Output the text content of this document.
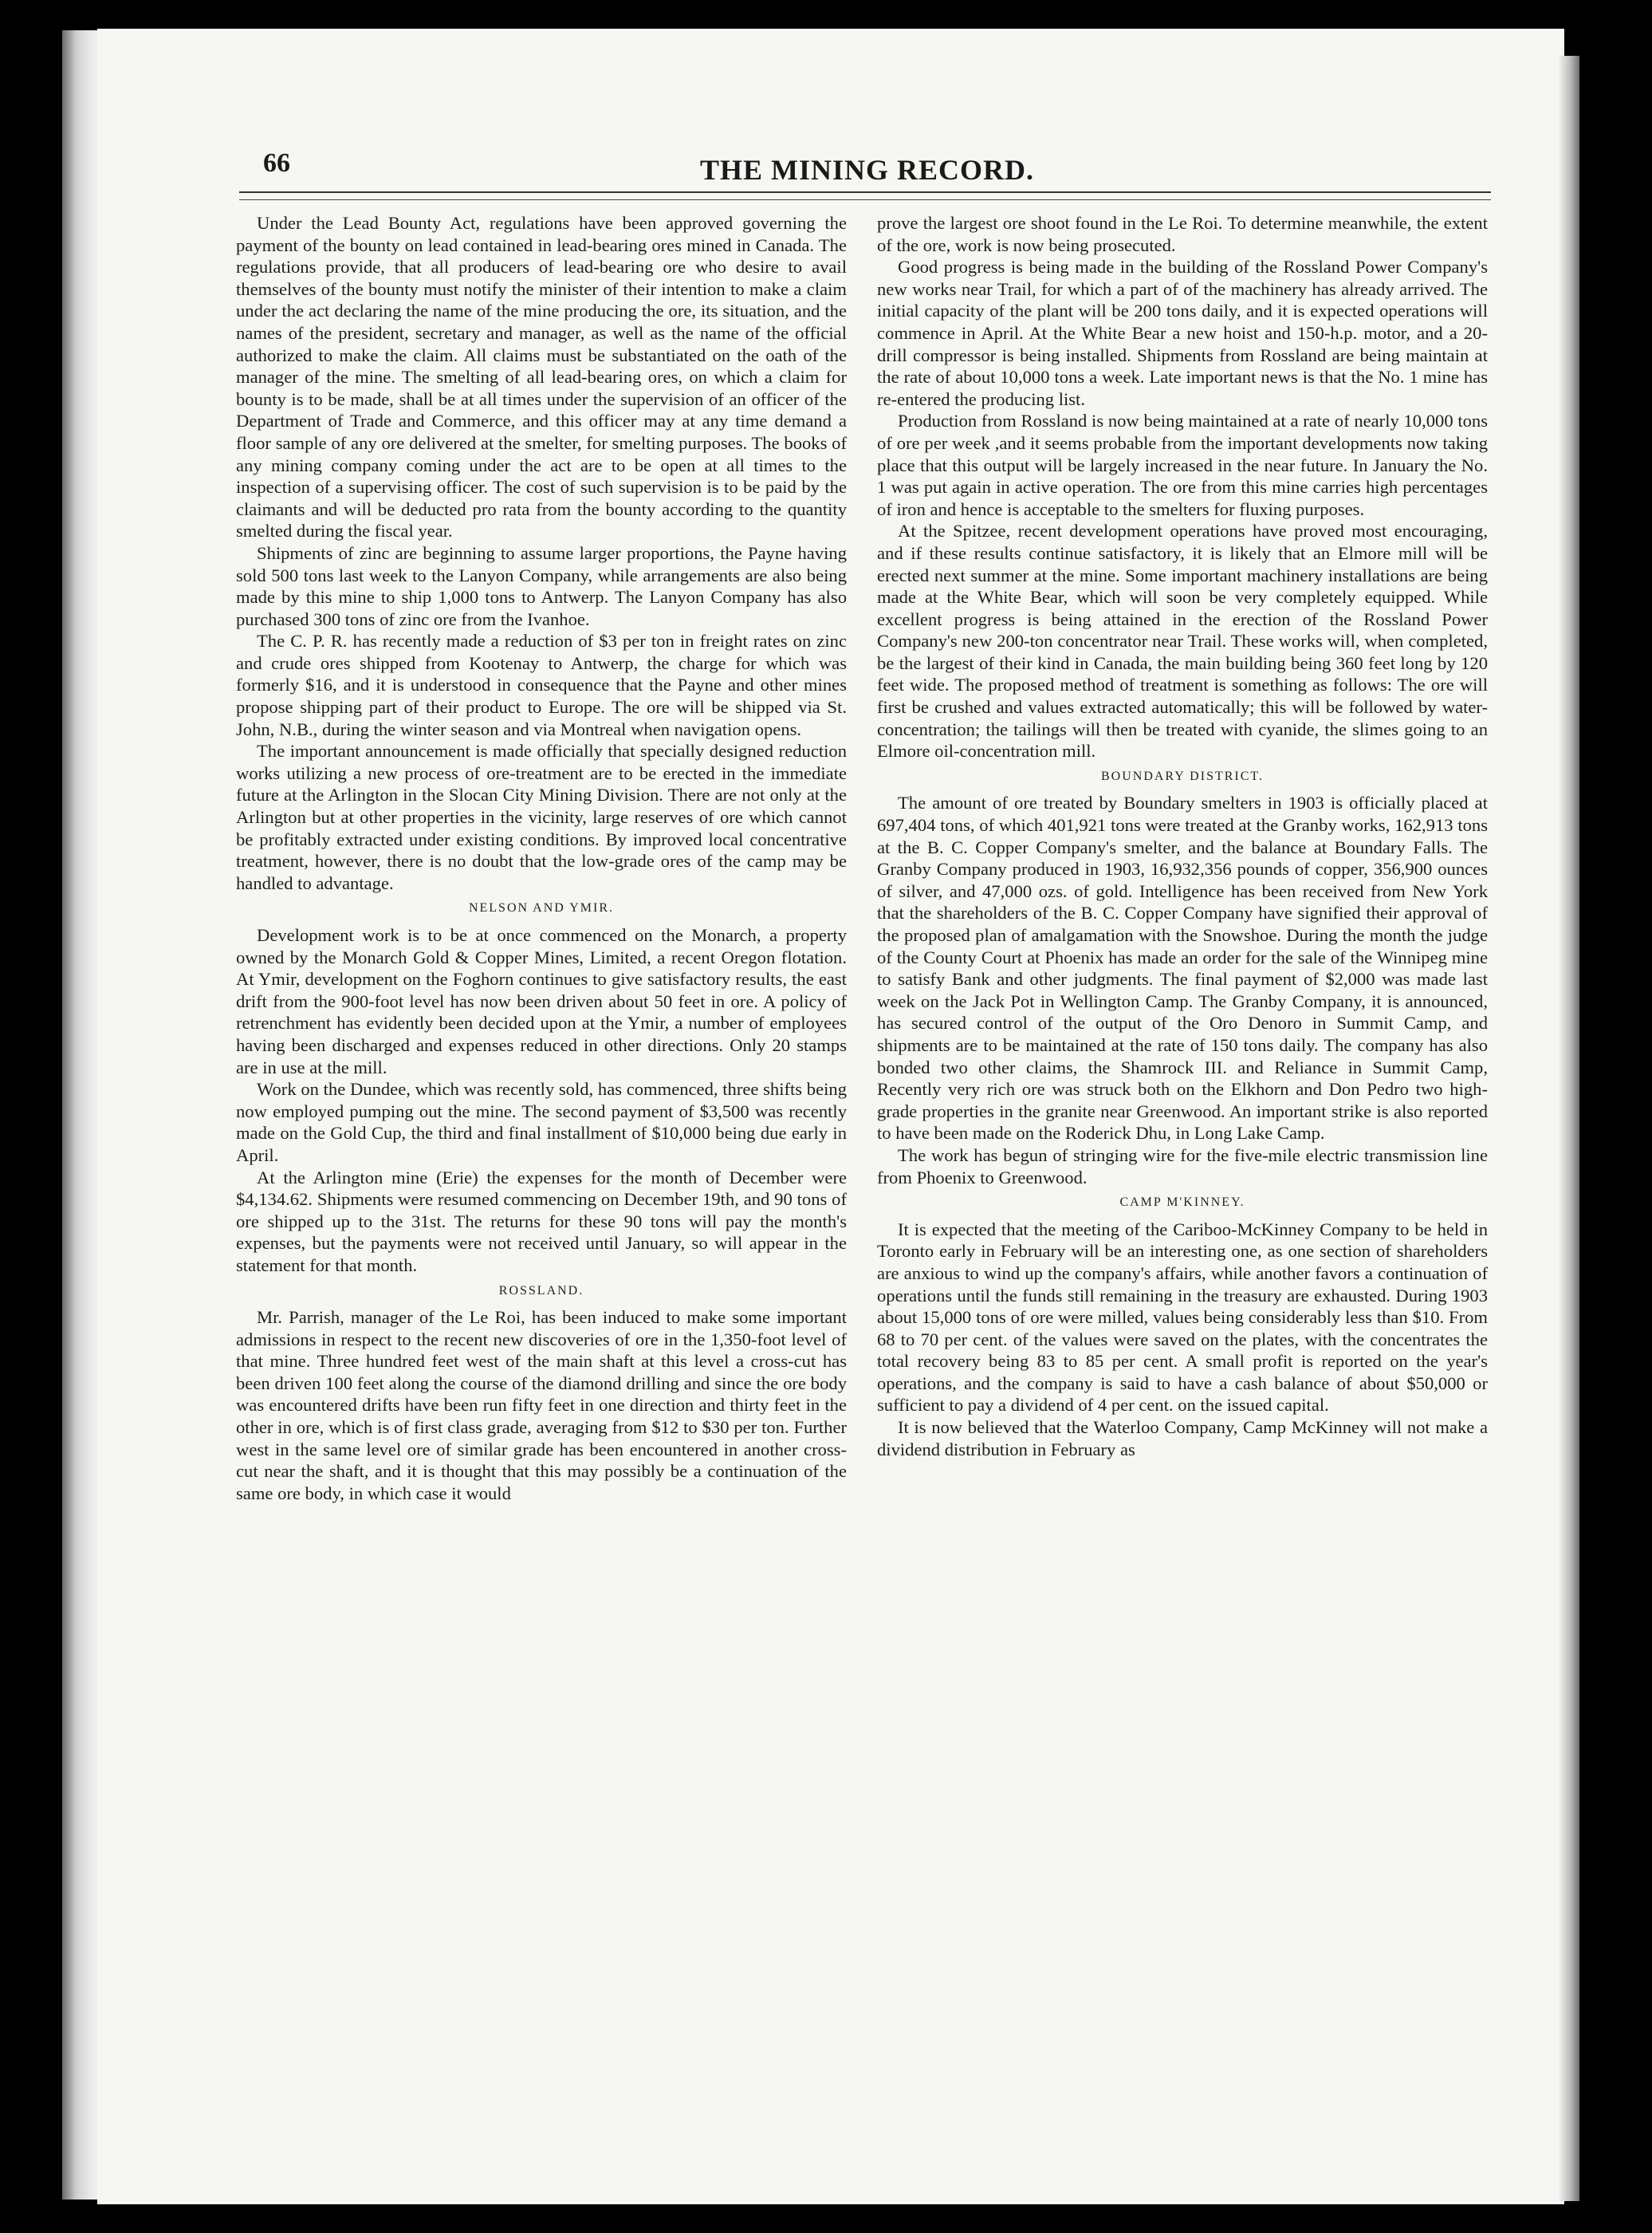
66	THE MINING RECORD.

Under the Lead Bounty Act, regulations have been approved governing the payment of the bounty on lead contained in lead-bearing ores mined in Canada. The regulations provide, that all producers of lead-bearing ore who desire to avail themselves of the bounty must notify the minister of their intention to make a claim under the act declaring the name of the mine producing the ore, its situation, and the names of the president, secretary and manager, as well as the name of the official authorized to make the claim. All claims must be substantiated on the oath of the manager of the mine. The smelting of all lead-bearing ores, on which a claim for bounty is to be made, shall be at all times under the supervision of an officer of the Department of Trade and Commerce, and this officer may at any time demand a floor sample of any ore delivered at the smelter, for smelting purposes. The books of any mining company coming under the act are to be open at all times to the inspection of a supervising officer. The cost of such supervision is to be paid by the claimants and will be deducted pro rata from the bounty according to the quantity smelted during the fiscal year.

Shipments of zinc are beginning to assume larger proportions, the Payne having sold 500 tons last week to the Lanyon Company, while arrangements are also being made by this mine to ship 1,000 tons to Antwerp. The Lanyon Company has also purchased 300 tons of zinc ore from the Ivanhoe.

The C. P. R. has recently made a reduction of $3 per ton in freight rates on zinc and crude ores shipped from Kootenay to Antwerp, the charge for which was formerly $16, and it is understood in consequence that the Payne and other mines propose shipping part of their product to Europe. The ore will be shipped via St. John, N.B., during the winter season and via Montreal when navigation opens.

The important announcement is made officially that specially designed reduction works utilizing a new process of ore-treatment are to be erected in the immediate future at the Arlington in the Slocan City Mining Division. There are not only at the Arlington but at other properties in the vicinity, large reserves of ore which cannot be profitably extracted under existing conditions. By improved local concentrative treatment, however, there is no doubt that the low-grade ores of the camp may be handled to advantage.

NELSON AND YMIR.

Development work is to be at once commenced on the Monarch, a property owned by the Monarch Gold & Copper Mines, Limited, a recent Oregon flotation. At Ymir, development on the Foghorn continues to give satisfactory results, the east drift from the 900-foot level has now been driven about 50 feet in ore. A policy of retrenchment has evidently been decided upon at the Ymir, a number of employees having been discharged and expenses reduced in other directions. Only 20 stamps are in use at the mill.

Work on the Dundee, which was recently sold, has commenced, three shifts being now employed pumping out the mine. The second payment of $3,500 was recently made on the Gold Cup, the third and final installment of $10,000 being due early in April.

At the Arlington mine (Erie) the expenses for the month of December were $4,134.62. Shipments were resumed commencing on December 19th, and 90 tons of ore shipped up to the 31st. The returns for these 90 tons will pay the month's expenses, but the payments were not received until January, so will appear in the statement for that month.

ROSSLAND.

Mr. Parrish, manager of the Le Roi, has been induced to make some important admissions in respect to the recent new discoveries of ore in the 1,350-foot level of that mine. Three hundred feet west of the main shaft at this level a cross-cut has been driven 100 feet along the course of the diamond drilling and since the ore body was encountered drifts have been run fifty feet in one direction and thirty feet in the other in ore, which is of first class grade, averaging from $12 to $30 per ton. Further west in the same level ore of similar grade has been encountered in another cross-cut near the shaft, and it is thought that this may possibly be a continuation of the same ore body, in which case it would

prove the largest ore shoot found in the Le Roi. To determine meanwhile, the extent of the ore, work is now being prosecuted.

Good progress is being made in the building of the Rossland Power Company's new works near Trail, for which a part of of the machinery has already arrived. The initial capacity of the plant will be 200 tons daily, and it is expected operations will commence in April. At the White Bear a new hoist and 150-h.p. motor, and a 20-drill compressor is being installed. Shipments from Rossland are being maintain at the rate of about 10,000 tons a week. Late important news is that the No. 1 mine has re-entered the producing list.

Production from Rossland is now being maintained at a rate of nearly 10,000 tons of ore per week ,and it seems probable from the important developments now taking place that this output will be largely increased in the near future. In January the No. 1 was put again in active operation. The ore from this mine carries high percentages of iron and hence is acceptable to the smelters for fluxing purposes.

At the Spitzee, recent development operations have proved most encouraging, and if these results continue satisfactory, it is likely that an Elmore mill will be erected next summer at the mine. Some important machinery installations are being made at the White Bear, which will soon be very completely equipped. While excellent progress is being attained in the erection of the Rossland Power Company's new 200-ton concentrator near Trail. These works will, when completed, be the largest of their kind in Canada, the main building being 360 feet long by 120 feet wide. The proposed method of treatment is something as follows: The ore will first be crushed and values extracted automatically; this will be followed by water-concentration; the tailings will then be treated with cyanide, the slimes going to an Elmore oil-concentration mill.

BOUNDARY DISTRICT.

The amount of ore treated by Boundary smelters in 1903 is officially placed at 697,404 tons, of which 401,921 tons were treated at the Granby works, 162,913 tons at the B. C. Copper Company's smelter, and the balance at Boundary Falls. The Granby Company produced in 1903, 16,932,356 pounds of copper, 356,900 ounces of silver, and 47,000 ozs. of gold. Intelligence has been received from New York that the shareholders of the B. C. Copper Company have signified their approval of the proposed plan of amalgamation with the Snowshoe. During the month the judge of the County Court at Phoenix has made an order for the sale of the Winnipeg mine to satisfy Bank and other judgments. The final payment of $2,000 was made last week on the Jack Pot in Wellington Camp. The Granby Company, it is announced, has secured control of the output of the Oro Denoro in Summit Camp, and shipments are to be maintained at the rate of 150 tons daily. The company has also bonded two other claims, the Shamrock III. and Reliance in Summit Camp, Recently very rich ore was struck both on the Elkhorn and Don Pedro two high-grade properties in the granite near Greenwood. An important strike is also reported to have been made on the Roderick Dhu, in Long Lake Camp.

The work has begun of stringing wire for the five-mile electric transmission line from Phoenix to Greenwood.

CAMP M'KINNEY.

It is expected that the meeting of the Cariboo-McKinney Company to be held in Toronto early in February will be an interesting one, as one section of shareholders are anxious to wind up the company's affairs, while another favors a continuation of operations until the funds still remaining in the treasury are exhausted. During 1903 about 15,000 tons of ore were milled, values being considerably less than $10. From 68 to 70 per cent. of the values were saved on the plates, with the concentrates the total recovery being 83 to 85 per cent. A small profit is reported on the year's operations, and the company is said to have a cash balance of about $50,000 or sufficient to pay a dividend of 4 per cent. on the issued capital.

It is now believed that the Waterloo Company, Camp McKinney will not make a dividend distribution in February as
